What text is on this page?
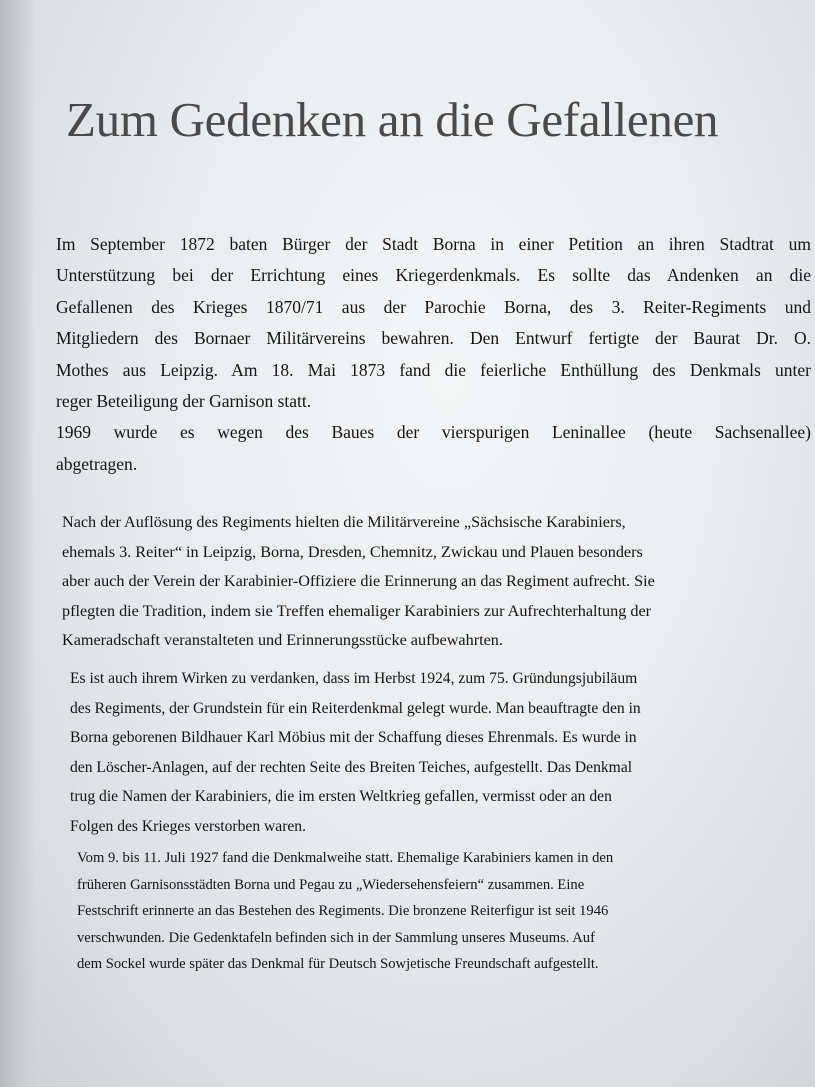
Zum Gedenken an die Gefallenen
Im September 1872 baten Bürger der Stadt Borna in einer Petition an ihren Stadtrat um
Unterstützung bei der Errichtung eines Kriegerdenkmals. Es sollte das Andenken an die
Gefallenen des Krieges 1870/71 aus der Parochie Borna, des 3. Reiter-Regiments und
Mitgliedern des Bornaer Militärvereins bewahren. Den Entwurf fertigte der Baurat Dr. O.
Mothes aus Leipzig. Am 18. Mai 1873 fand die feierliche Enthüllung des Denkmals unter
reger Beteiligung der Garnison statt.
1969 wurde es wegen des Baues der vierspurigen Leninallee (heute Sachsenallee)
abgetragen.
Nach der Auflösung des Regiments hielten die Militärvereine „Sächsische Karabiniers,
ehemals 3. Reiter“ in Leipzig, Borna, Dresden, Chemnitz, Zwickau und Plauen besonders
aber auch der Verein der Karabinier-Offiziere die Erinnerung an das Regiment aufrecht. Sie
pflegten die Tradition, indem sie Treffen ehemaliger Karabiniers zur Aufrechterhaltung der
Kameradschaft veranstalteten und Erinnerungsstücke aufbewahrten.
Es ist auch ihrem Wirken zu verdanken, dass im Herbst 1924, zum 75. Gründungsjubiläum
des Regiments, der Grundstein für ein Reiterdenkmal gelegt wurde. Man beauftragte den in
Borna geborenen Bildhauer Karl Möbius mit der Schaffung dieses Ehrenmals. Es wurde in
den Löscher-Anlagen, auf der rechten Seite des Breiten Teiches, aufgestellt. Das Denkmal
trug die Namen der Karabiniers, die im ersten Weltkrieg gefallen, vermisst oder an den
Folgen des Krieges verstorben waren.
Vom 9. bis 11. Juli 1927 fand die Denkmalweihe statt. Ehemalige Karabiniers kamen in den
früheren Garnisonsstädten Borna und Pegau zu „Wiedersehensfeiern“ zusammen. Eine
Festschrift erinnerte an das Bestehen des Regiments. Die bronzene Reiterfigur ist seit 1946
verschwunden. Die Gedenktafeln befinden sich in der Sammlung unseres Museums. Auf
dem Sockel wurde später das Denkmal für Deutsch Sowjetische Freundschaft aufgestellt.
